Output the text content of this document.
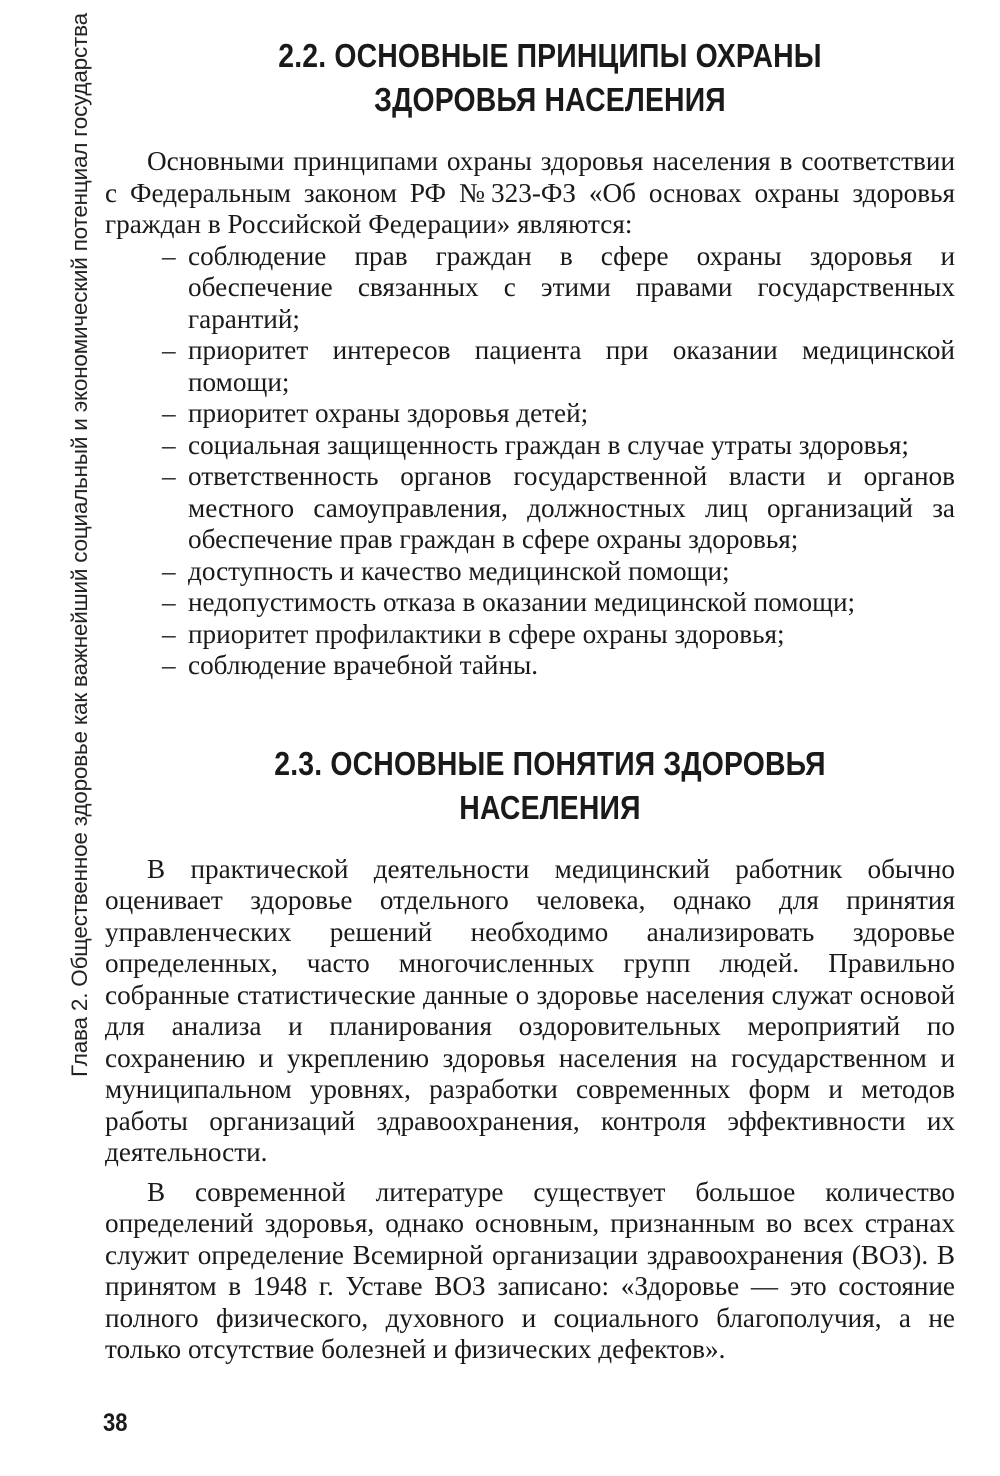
Глава 2. Общественное здоровье как важнейший социальный и экономический потенциал государства	2.2. ОСНОВНЫЕ ПРИНЦИПЫ ОХРАНЫ
ЗДОРОВЬЯ НАСЕЛЕНИЯ

Основными принципами охраны здоровья населения в соответствии с Федеральным законом РФ №323-ФЗ «Об основах охраны здоровья граждан в Российской Федерации» являются:

– соблюдение прав граждан в сфере охраны здоровья и обеспечение связанных с этими правами государственных гарантий;
– приоритет интересов пациента при оказании медицинской помощи;
– приоритет охраны здоровья детей;
– социальная защищенность граждан в случае утраты здоровья;
– ответственность органов государственной власти и органов местного самоуправления, должностных лиц организаций за обеспечение прав граждан в сфере охраны здоровья;
– доступность и качество медицинской помощи;
– недопустимость отказа в оказании медицинской помощи;
– приоритет профилактики в сфере охраны здоровья;
– соблюдение врачебной тайны.
2.3. ОСНОВНЫЕ ПОНЯТИЯ ЗДОРОВЬЯ
НАСЕЛЕНИЯ

В практической деятельности медицинский работник обычно оценивает здоровье отдельного человека, однако для принятия управленческих решений необходимо анализировать здоровье определенных, часто многочисленных групп людей. Правильно собранные статистические данные о здоровье населения служат основой для анализа и планирования оздоровительных мероприятий по сохранению и укреплению здоровья населения на государственном и муниципальном уровнях, разработки современных форм и методов работы организаций здравоохранения, контроля эффективности их деятельности.

В современной литературе существует большое количество определений здоровья, однако основным, признанным во всех странах служит определение Всемирной организации здравоохранения (ВОЗ). В принятом в 1948 г. Уставе ВОЗ записано: «Здоровье — это состояние полного физического, духовного и социального благополучия, а не только отсутствие болезней и физических дефектов».

38
